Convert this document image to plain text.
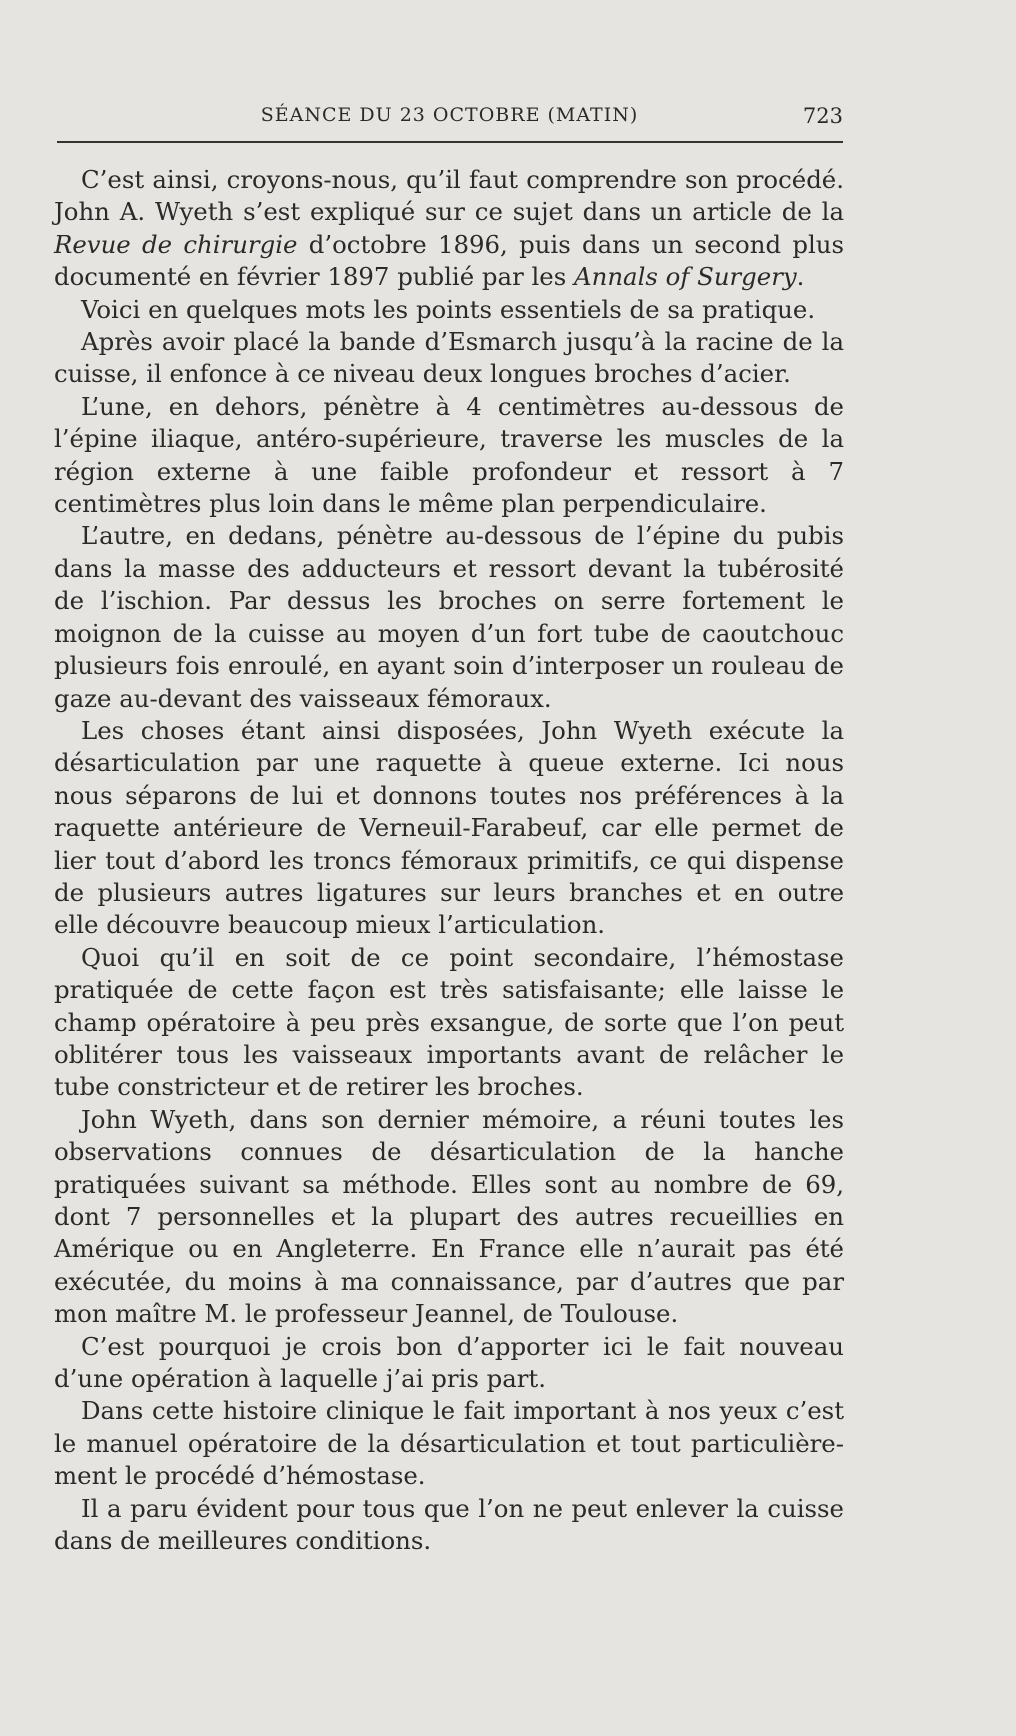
SÉANCE DU 23 OCTOBRE (MATIN)	723

C’est ainsi, croyons-nous, qu’il faut comprendre son procédé. John A. Wyeth s’est expliqué sur ce sujet dans un article de la Revue de chirurgie d’octobre 1896, puis dans un second plus documenté en février 1897 publié par les Annals of Surgery.

Voici en quelques mots les points essentiels de sa pratique.

Après avoir placé la bande d’Esmarch jusqu’à la racine de la cuisse, il enfonce à ce niveau deux longues broches d’acier.

L’une, en dehors, pénètre à 4 centimètres au-dessous de l’épine iliaque, antéro-supérieure, traverse les muscles de la région externe à une faible profondeur et ressort à 7 centimètres plus loin dans le même plan perpendiculaire.

L’autre, en dedans, pénètre au-dessous de l’épine du pubis dans la masse des adducteurs et ressort devant la tubérosité de l’ischion. Par dessus les broches on serre fortement le moignon de la cuisse au moyen d’un fort tube de caoutchouc plusieurs fois enroulé, en ayant soin d’interposer un rouleau de gaze au-devant des vaisseaux fémoraux.

Les choses étant ainsi disposées, John Wyeth exécute la désarticulation par une raquette à queue externe. Ici nous nous séparons de lui et donnons toutes nos préférences à la raquette antérieure de Verneuil-Farabeuf, car elle permet de lier tout d’abord les troncs fémoraux primitifs, ce qui dispense de plusieurs autres ligatures sur leurs branches et en outre elle découvre beaucoup mieux l’articulation.

Quoi qu’il en soit de ce point secondaire, l’hémostase pratiquée de cette façon est très satisfaisante; elle laisse le champ opératoire à peu près exsangue, de sorte que l’on peut oblitérer tous les vaisseaux importants avant de relâcher le tube constricteur et de retirer les broches.

John Wyeth, dans son dernier mémoire, a réuni toutes les observations connues de désarticulation de la hanche pratiquées suivant sa méthode. Elles sont au nombre de 69, dont 7 personnelles et la plupart des autres recueillies en Amérique ou en Angleterre. En France elle n’aurait pas été exécutée, du moins à ma connaissance, par d’autres que par mon maître M. le professeur Jeannel, de Toulouse.

C’est pourquoi je crois bon d’apporter ici le fait nouveau d’une opération à laquelle j’ai pris part.

Dans cette histoire clinique le fait important à nos yeux c’est le manuel opératoire de la désarticulation et tout particulièrement le procédé d’hémostase.

Il a paru évident pour tous que l’on ne peut enlever la cuisse dans de meilleures conditions.
